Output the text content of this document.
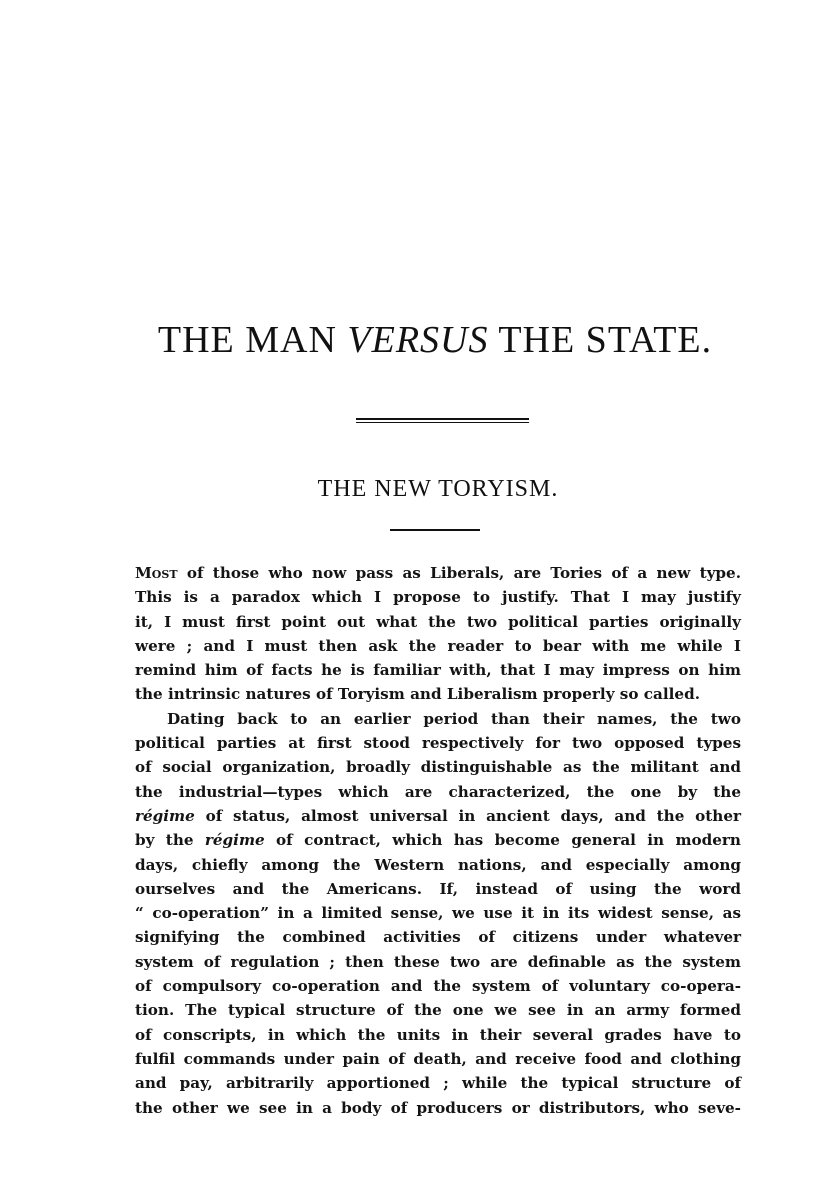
THE MAN VERSUS THE STATE.
THE NEW TORYISM.
Most of those who now pass as Liberals, are Tories of a new type.
This is a paradox which I propose to justify. That I may justify
it, I must first point out what the two political parties originally
were ; and I must then ask the reader to bear with me while I
remind him of facts he is familiar with, that I may impress on him
the intrinsic natures of Toryism and Liberalism properly so called.
Dating back to an earlier period than their names, the two
political parties at first stood respectively for two opposed types
of social organization, broadly distinguishable as the militant and
the industrial—types which are characterized, the one by the
régime of status, almost universal in ancient days, and the other
by the régime of contract, which has become general in modern
days, chiefly among the Western nations, and especially among
ourselves and the Americans. If, instead of using the word
“ co-operation” in a limited sense, we use it in its widest sense, as
signifying the combined activities of citizens under whatever
system of regulation ; then these two are definable as the system
of compulsory co-operation and the system of voluntary co-opera-
tion. The typical structure of the one we see in an army formed
of conscripts, in which the units in their several grades have to
fulfil commands under pain of death, and receive food and clothing
and pay, arbitrarily apportioned ; while the typical structure of
the other we see in a body of producers or distributors, who seve-
